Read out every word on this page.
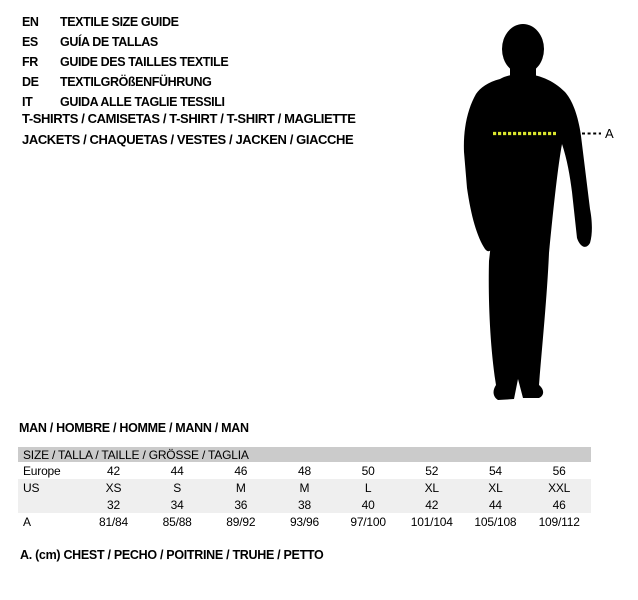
EN	TEXTILE SIZE GUIDE
ES	GUÍA DE TALLAS
FR	GUIDE DES TAILLES TEXTILE
DE	TEXTILGRÖßENFÜHRUNG
IT	GUIDA ALLE TAGLIE TESSILI
T-SHIRTS / CAMISETAS / T-SHIRT / T-SHIRT / MAGLIETTE
JACKETS / CHAQUETAS / VESTES / JACKEN / GIACCHE	A
MAN / HOMBRE / HOMME / MANN / MAN
SIZE / TALLA / TAILLE / GRÖSSE / TAGLIA								
Europe	42	44	46	48	50	52	54	56
US	XS	S	M	M	L	XL	XL	XXL
	32	34	36	38	40	42	44	46
A	81/84	85/88	89/92	93/96	97/100	101/104	105/108	109/112
A. (cm) CHEST / PECHO / POITRINE / TRUHE / PETTO
